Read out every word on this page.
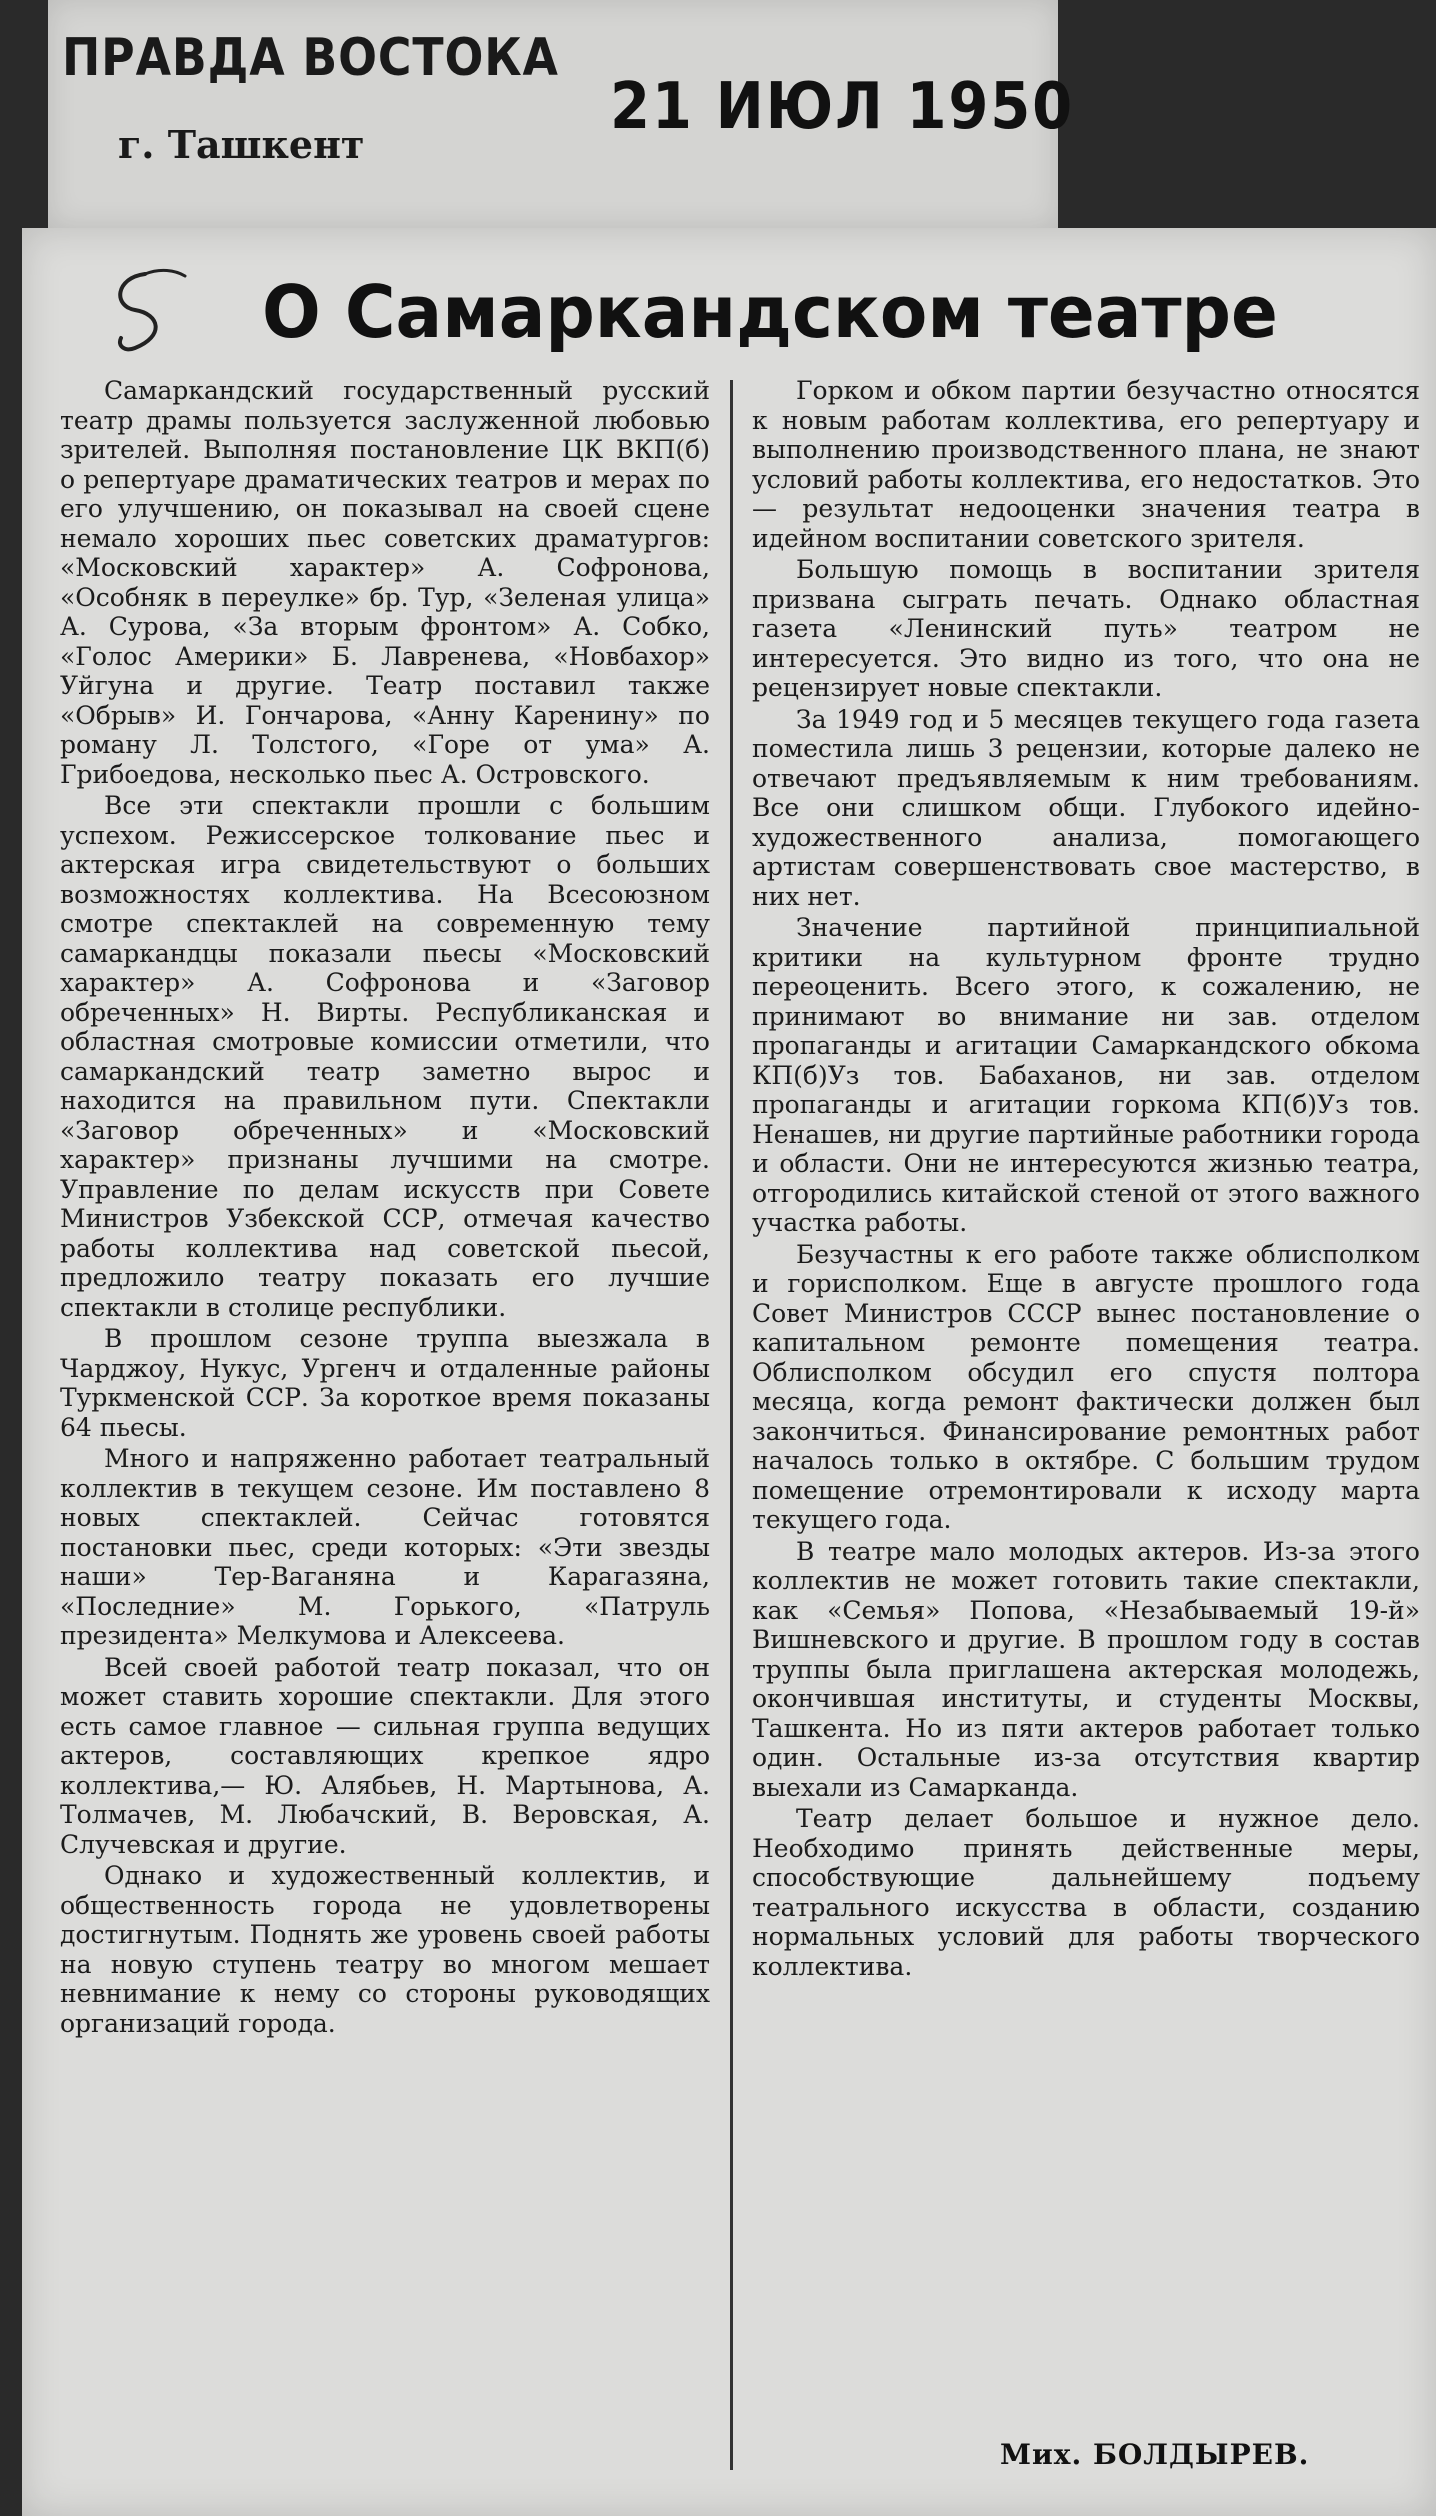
ПРАВДА ВОСТОКА
г. Ташкент
21 ИЮЛ 1950
О Самаркандском театре

Самаркандский государственный русский театр драмы пользуется заслуженной любовью зрителей. Выполняя постановление ЦК ВКП(б) о репертуаре драматических театров и мерах по его улучшению, он показывал на своей сцене немало хороших пьес советских драматургов: «Московский характер» А. Софронова, «Особняк в переулке» бр. Тур, «Зеленая улица» А. Сурова, «За вторым фронтом» А. Собко, «Голос Америки» Б. Лавренева, «Новбахор» Уйгуна и другие. Театр поставил также «Обрыв» И. Гончарова, «Анну Каренину» по роману Л. Толстого, «Горе от ума» А. Грибоедова, несколько пьес А. Островского.

Все эти спектакли прошли с большим успехом. Режиссерское толкование пьес и актерская игра свидетельствуют о больших возможностях коллектива. На Всесоюзном смотре спектаклей на современную тему самаркандцы показали пьесы «Московский характер» А. Софронова и «Заговор обреченных» Н. Вирты. Республиканская и областная смотровые комиссии отметили, что самаркандский театр заметно вырос и находится на правильном пути. Спектакли «Заговор обреченных» и «Московский характер» признаны лучшими на смотре. Управление по делам искусств при Совете Министров Узбекской ССР, отмечая качество работы коллектива над советской пьесой, предложило театру показать его лучшие спектакли в столице республики.

В прошлом сезоне труппа выезжала в Чарджоу, Нукус, Ургенч и отдаленные районы Туркменской ССР. За короткое время показаны 64 пьесы.

Много и напряженно работает театральный коллектив в текущем сезоне. Им поставлено 8 новых спектаклей. Сейчас готовятся постановки пьес, среди которых: «Эти звезды наши» Тер-Ваганяна и Карагазяна, «Последние» М. Горького, «Патруль президента» Мелкумова и Алексеева.

Всей своей работой театр показал, что он может ставить хорошие спектакли. Для этого есть самое главное — сильная группа ведущих актеров, составляющих крепкое ядро коллектива,— Ю. Алябьев, Н. Мартынова, А. Толмачев, М. Любачский, В. Веровская, А. Случевская и другие.

Однако и художественный коллектив, и общественность города не удовлетворены достигнутым. Поднять же уровень своей работы на новую ступень театру во многом мешает невнимание к нему со стороны руководящих организаций города.

Горком и обком партии безучастно относятся к новым работам коллектива, его репертуару и выполнению производственного плана, не знают условий работы коллектива, его недостатков. Это — результат недооценки значения театра в идейном воспитании советского зрителя.

Большую помощь в воспитании зрителя призвана сыграть печать. Однако областная газета «Ленинский путь» театром не интересуется. Это видно из того, что она не рецензирует новые спектакли.

За 1949 год и 5 месяцев текущего года газета поместила лишь 3 рецензии, которые далеко не отвечают предъявляемым к ним требованиям. Все они слишком общи. Глубокого идейно-художественного анализа, помогающего артистам совершенствовать свое мастерство, в них нет.

Значение партийной принципиальной критики на культурном фронте трудно переоценить. Всего этого, к сожалению, не принимают во внимание ни зав. отделом пропаганды и агитации Самаркандского обкома КП(б)Уз тов. Бабаханов, ни зав. отделом пропаганды и агитации горкома КП(б)Уз тов. Ненашев, ни другие партийные работники города и области. Они не интересуются жизнью театра, отгородились китайской стеной от этого важного участка работы.

Безучастны к его работе также облисполком и горисполком. Еще в августе прошлого года Совет Министров СССР вынес постановление о капитальном ремонте помещения театра. Облисполком обсудил его спустя полтора месяца, когда ремонт фактически должен был закончиться. Финансирование ремонтных работ началось только в октябре. С большим трудом помещение отремонтировали к исходу марта текущего года.

В театре мало молодых актеров. Из-за этого коллектив не может готовить такие спектакли, как «Семья» Попова, «Незабываемый 19-й» Вишневского и другие. В прошлом году в состав труппы была приглашена актерская молодежь, окончившая институты, и студенты Москвы, Ташкента. Но из пяти актеров работает только один. Остальные из-за отсутствия квартир выехали из Самарканда.

Театр делает большое и нужное дело. Необходимо принять действенные меры, способствующие дальнейшему подъему театрального искусства в области, созданию нормальных условий для работы творческого коллектива.

Мих. БОЛДЫРЕВ.
